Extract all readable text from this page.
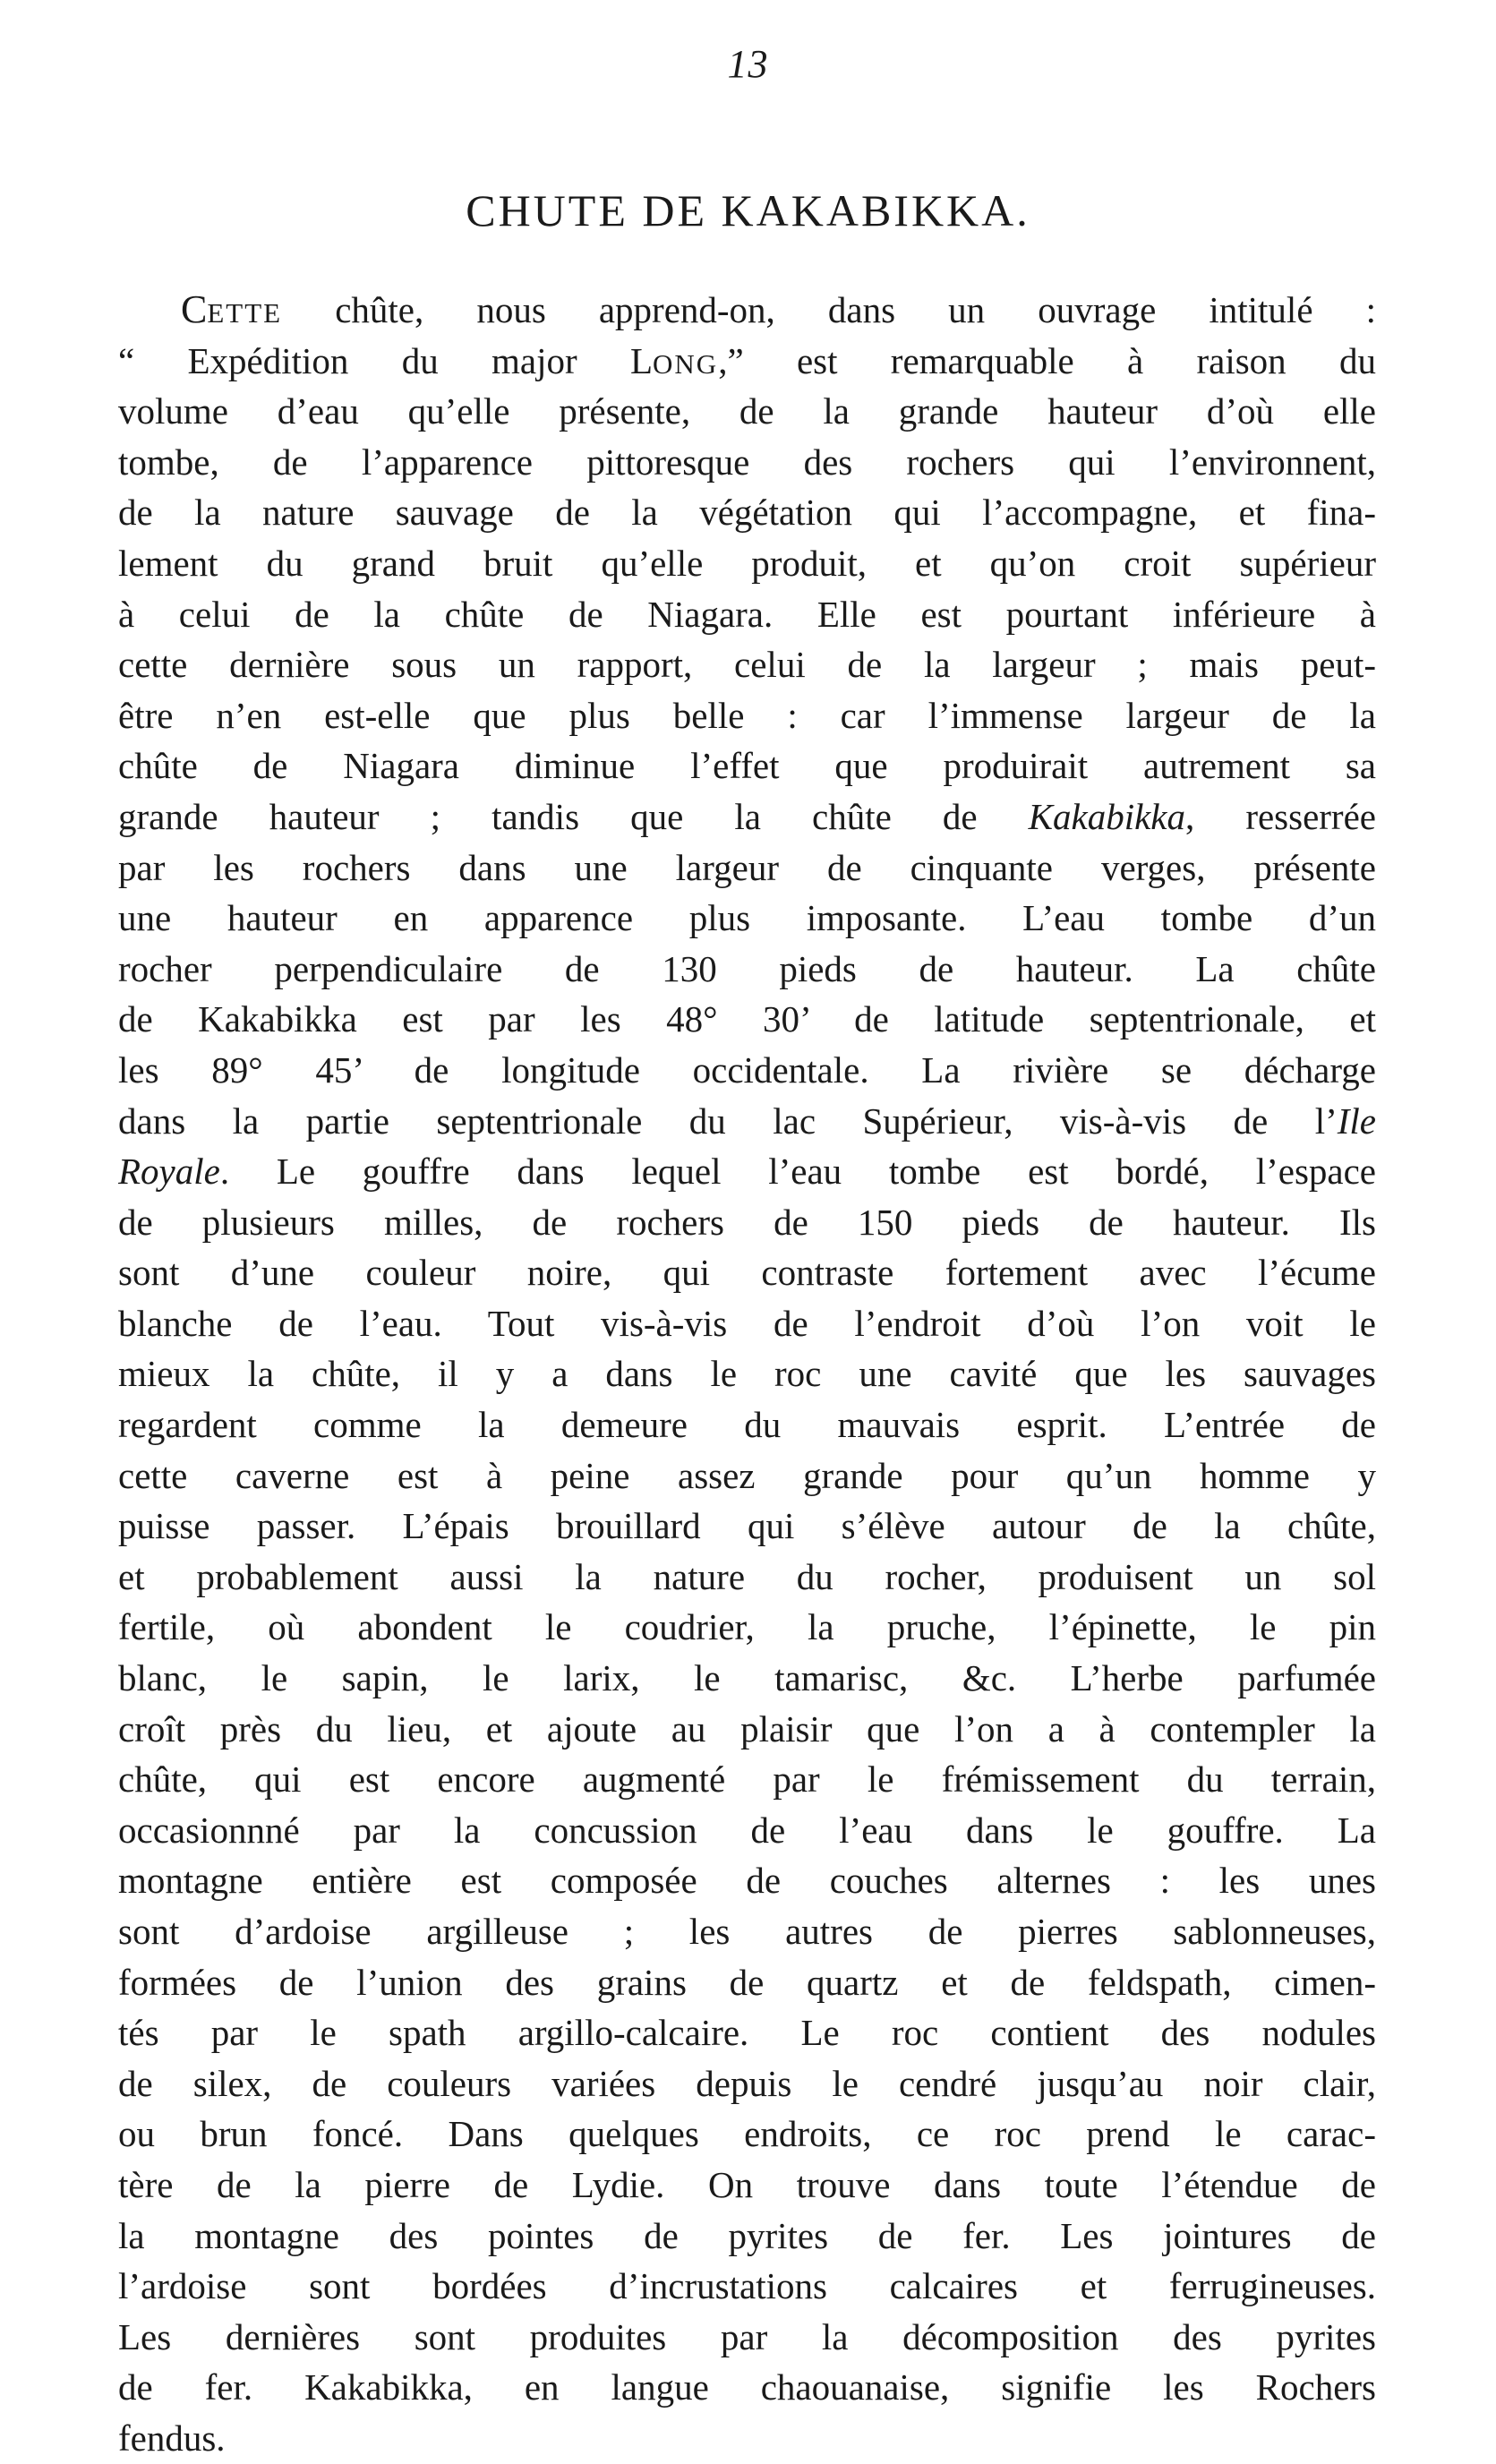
13
CHUTE DE KAKABIKKA.
CETTE chûte, nous apprend-on, dans un ouvrage intitulé :
“ Expédition du major LONG,” est remarquable à raison du
volume d’eau qu’elle présente, de la grande hauteur d’où elle
tombe, de l’apparence pittoresque des rochers qui l’environnent,
de la nature sauvage de la végétation qui l’accompagne, et fina-
lement du grand bruit qu’elle produit, et qu’on croit supérieur
à celui de la chûte de Niagara. Elle est pourtant inférieure à
cette dernière sous un rapport, celui de la largeur ; mais peut-
être n’en est-elle que plus belle : car l’immense largeur de la
chûte de Niagara diminue l’effet que produirait autrement sa
grande hauteur ; tandis que la chûte de Kakabikka, resserrée
par les rochers dans une largeur de cinquante verges, présente
une hauteur en apparence plus imposante. L’eau tombe d’un
rocher perpendiculaire de 130 pieds de hauteur. La chûte
de Kakabikka est par les 48° 30’ de latitude septentrionale, et
les 89° 45’ de longitude occidentale. La rivière se décharge
dans la partie septentrionale du lac Supérieur, vis-à-vis de l’Ile
Royale. Le gouffre dans lequel l’eau tombe est bordé, l’espace
de plusieurs milles, de rochers de 150 pieds de hauteur. Ils
sont d’une couleur noire, qui contraste fortement avec l’écume
blanche de l’eau. Tout vis-à-vis de l’endroit d’où l’on voit le
mieux la chûte, il y a dans le roc une cavité que les sauvages
regardent comme la demeure du mauvais esprit. L’entrée de
cette caverne est à peine assez grande pour qu’un homme y
puisse passer. L’épais brouillard qui s’élève autour de la chûte,
et probablement aussi la nature du rocher, produisent un sol
fertile, où abondent le coudrier, la pruche, l’épinette, le pin
blanc, le sapin, le larix, le tamarisc, &c. L’herbe parfumée
croît près du lieu, et ajoute au plaisir que l’on a à contempler la
chûte, qui est encore augmenté par le frémissement du terrain,
occasionnné par la concussion de l’eau dans le gouffre. La
montagne entière est composée de couches alternes : les unes
sont d’ardoise argilleuse ; les autres de pierres sablonneuses,
formées de l’union des grains de quartz et de feldspath, cimen-
tés par le spath argillo-calcaire. Le roc contient des nodules
de silex, de couleurs variées depuis le cendré jusqu’au noir clair,
ou brun foncé. Dans quelques endroits, ce roc prend le carac-
tère de la pierre de Lydie. On trouve dans toute l’étendue de
la montagne des pointes de pyrites de fer. Les jointures de
l’ardoise sont bordées d’incrustations calcaires et ferrugineuses.
Les dernières sont produites par la décomposition des pyrites
de fer. Kakabikka, en langue chaouanaise, signifie les Rochers
fendus.
